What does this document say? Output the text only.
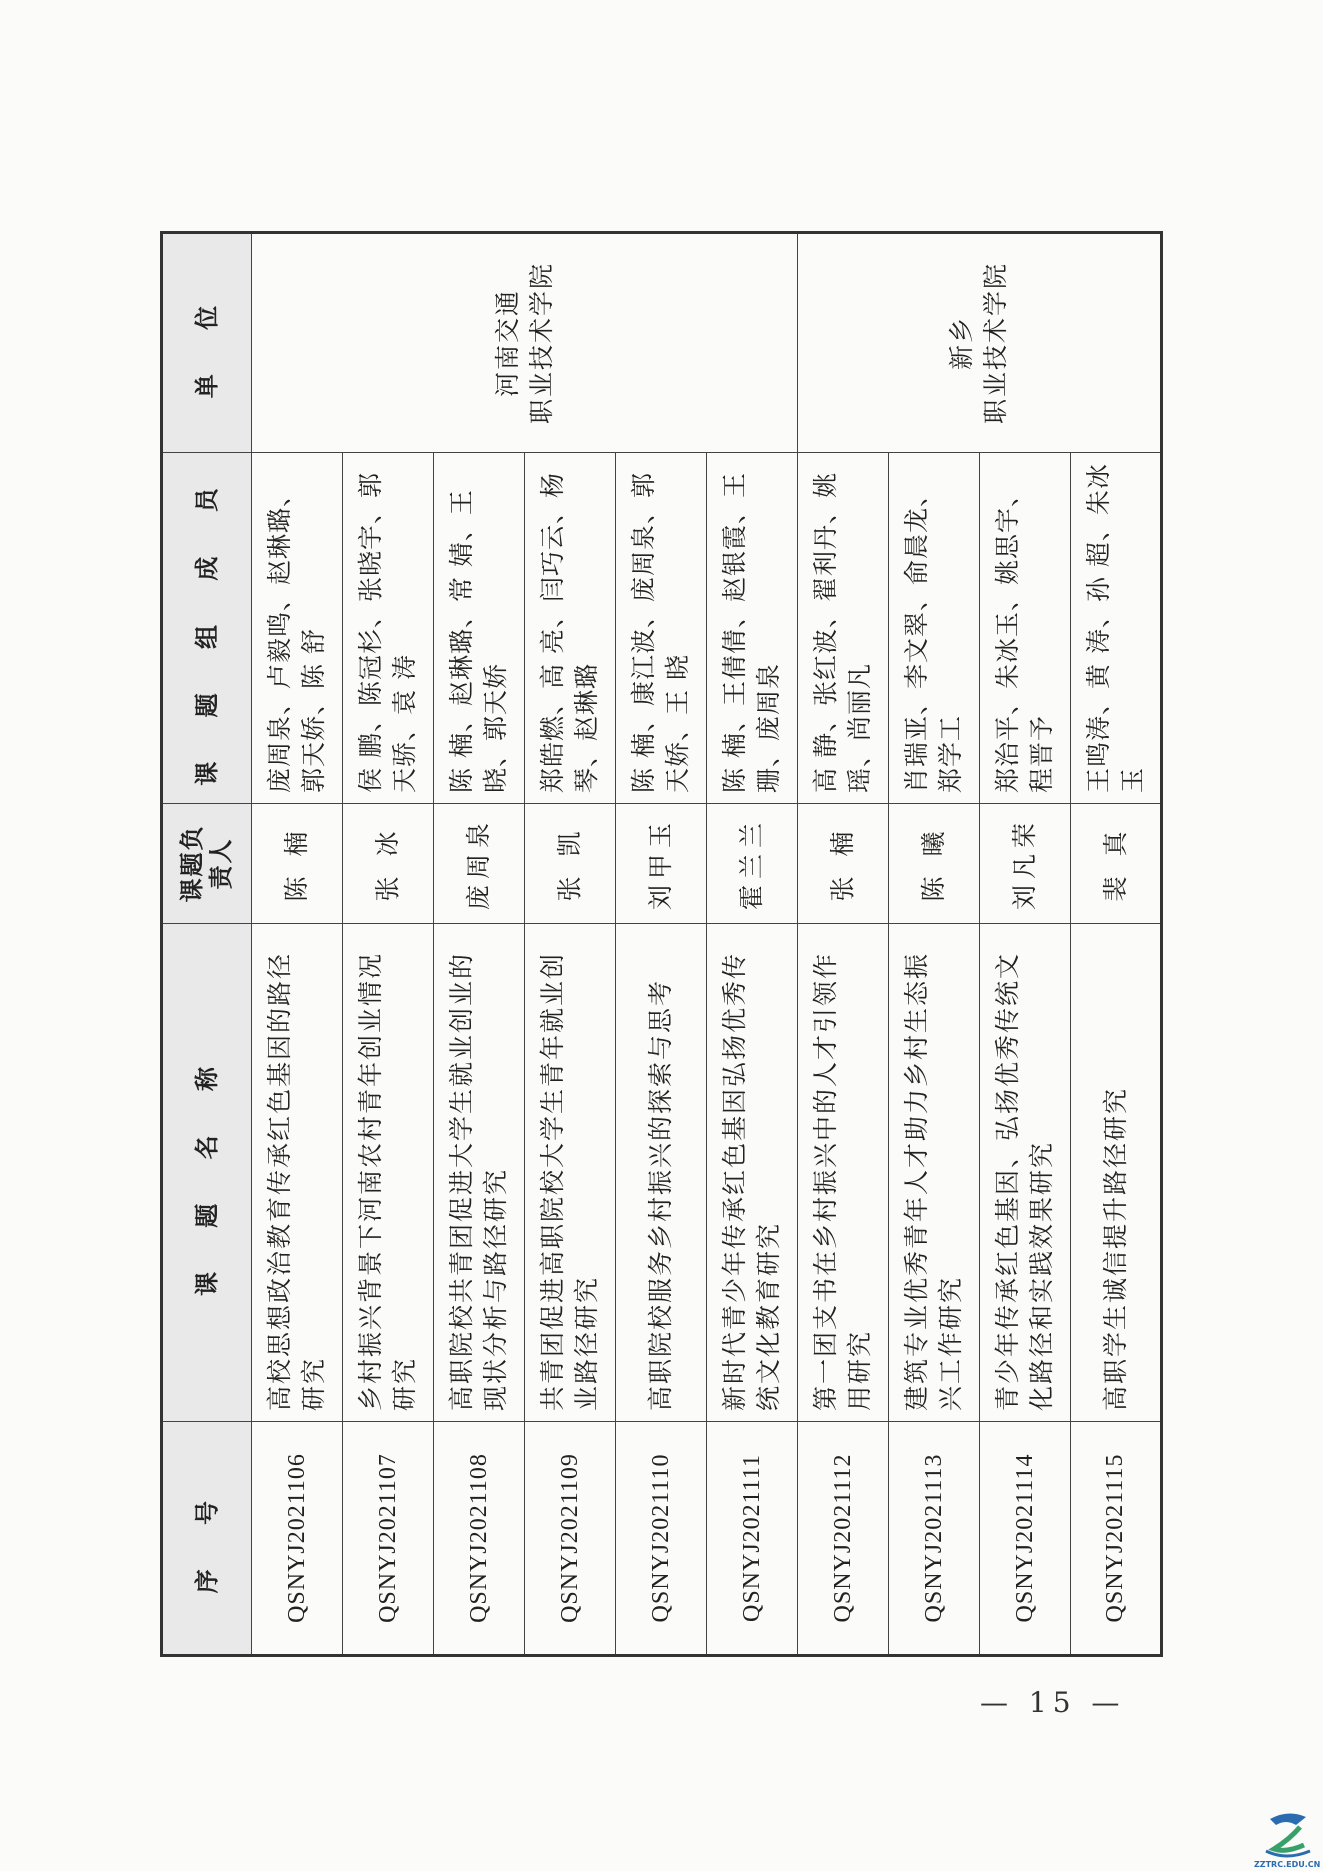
序 号	课 题 名 称	课题负责人	课 题 组 成 员	单 位
QSNYJ2021106	高校思想政治教育传承红色基因的路径研究	陈 楠	庞周泉、卢毅鸣、赵琳璐、郭天娇、陈 舒	河南交通 职业技术学院

QSNYJ2021107	乡村振兴背景下河南农村青年创业情况研究	张 冰	侯 鹏、陈冠杉、张晓宇、郭天骄、袁 涛	
QSNYJ2021108	高职院校共青团促进大学生就业创业的现状分析与路径研究	庞周泉	陈 楠、赵琳璐、常 婧、王 晓、郭天娇	
QSNYJ2021109	共青团促进高职院校大学生青年就业创业路径研究	张 凯	郑皓燃、高 亮、闫巧云、杨 琴、赵琳璐	
QSNYJ2021110	高职院校服务乡村振兴的探索与思考	刘甲玉	陈 楠、康江波、庞周泉、郭天娇、王 晓	
QSNYJ2021111	新时代青少年传承红色基因弘扬优秀传统文化教育研究	霍兰兰	陈 楠、王倩倩、赵银霞、王 珊、庞周泉	
QSNYJ2021112	第一团支书在乡村振兴中的人才引领作用研究	张 楠	高 静、张红波、翟利丹、姚 瑶、尚丽凡	新乡 职业技术学院

QSNYJ2021113	建筑专业优秀青年人才助力乡村生态振兴工作研究	陈 曦	肖瑞亚、李文翠、俞晨龙、郑学工	
QSNYJ2021114	青少年传承红色基因、弘扬优秀传统文化路径和实践效果研究	刘凡荣	郑治平、朱冰玉、姚思宇、程晋予	
QSNYJ2021115	高职学生诚信提升路径研究	裴 真	王鸣涛、黄 涛、孙 超、朱冰玉	
— 15 —
ZZTRC.EDU.CN
